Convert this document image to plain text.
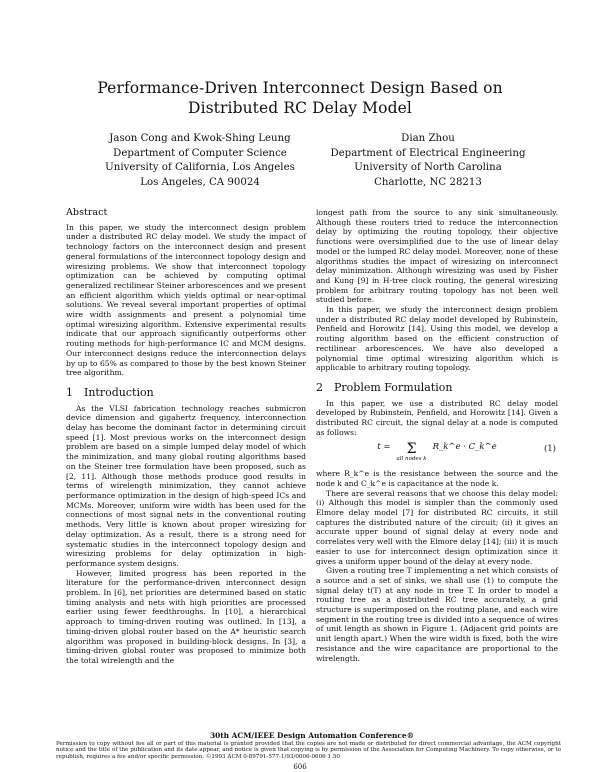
Performance-Driven Interconnect Design Based on
Distributed RC Delay Model
Jason Cong and Kwok-Shing Leung
Department of Computer Science
University of California, Los Angeles
Los Angeles, CA 90024
Dian Zhou
Department of Electrical Engineering
University of North Carolina
Charlotte, NC 28213
Abstract

In this paper, we study the interconnect design problem under a distributed RC delay model. We study the impact of technology factors on the interconnect design and present general formulations of the interconnect topology design and wiresizing problems. We show that interconnect topology optimization can be achieved by computing optimal generalized rectilinear Steiner arborescences and we present an efficient algorithm which yields optimal or near-optimal solutions. We reveal several important properties of optimal wire width assignments and present a polynomial time optimal wiresizing algorithm. Extensive experimental results indicate that our approach significantly outperforms other routing methods for high-performance IC and MCM designs. Our interconnect designs reduce the interconnection delays by up to 65% as compared to those by the best known Steiner tree algorithm.

1 Introduction

As the VLSI fabrication technology reaches submicron device dimension and gigahertz frequency, interconnection delay has become the dominant factor in determining circuit speed [1]. Most previous works on the interconnect design problem are based on a simple lumped delay model of which the minimization, and many global routing algorithms based on the Steiner tree formulation have been proposed, such as [2, 11]. Although those methods produce good results in terms of wirelength minimization, they cannot achieve performance optimization in the design of high-speed ICs and MCMs. Moreover, uniform wire width has been used for the connections of most signal nets in the conventional routing methods. Very little is known about proper wiresizing for delay optimization. As a result, there is a strong need for systematic studies in the interconnect topology design and wiresizing problems for delay optimization in high-performance system designs.

However, limited progress has been reported in the literature for the performance-driven interconnect design problem. In [6], net priorities are determined based on static timing analysis and nets with high priorities are processed earlier using fewer feedthroughs. In [10], a hierarchical approach to timing-driven routing was outlined. In [13], a timing-driven global router based on the A* heuristic search algorithm was proposed in building-block designs. In [3], a timing-driven global router was proposed to minimize both the total wirelength and the

longest path from the source to any sink simultaneously. Although these routers tried to reduce the interconnection delay by optimizing the routing topology, their objective functions were oversimplified due to the use of linear delay model or the lumped RC delay model. Moreover, none of these algorithms studies the impact of wiresizing on interconnect delay minimization. Although wiresizing was used by Fisher and Kung [9] in H-tree clock routing, the general wiresizing problem for arbitrary routing topology has not been well studied before.

In this paper, we study the interconnect design problem under a distributed RC delay model developed by Rubinstein, Penfield and Horowitz [14]. Using this model, we develop a routing algorithm based on the efficient construction of rectilinear arborescences. We have also developed a polynomial time optimal wiresizing algorithm which is applicable to arbitrary routing topology.

2 Problem Formulation

In this paper, we use a distributed RC delay model developed by Rubinstein, Penfield, and Horowitz [14]. Given a distributed RC circuit, the signal delay at a node is computed as follows:

t = Σ
all nodes k
R_k^e · C_k^e	(1)

where R_k^e is the resistance between the source and the node k and C_k^e is capacitance at the node k.

There are several reasons that we choose this delay model: (i) Although this model is simpler than the commonly used Elmore delay model [7] for distributed RC circuits, it still captures the distributed nature of the circuit; (ii) it gives an accurate upper bound of signal delay at every node and correlates very well with the Elmore delay [14]; (iii) it is much easier to use for interconnect design optimization since it gives a uniform upper bound of the delay at every node.

Given a routing tree T implementing a net which consists of a source and a set of sinks, we shall use (1) to compute the signal delay t(T) at any node in tree T. In order to model a routing tree as a distributed RC tree accurately, a grid structure is superimposed on the routing plane, and each wire segment in the routing tree is divided into a sequence of wires of unit length as shown in Figure 1. (Adjacent grid points are unit length apart.) When the wire width is fixed, both the wire resistance and the wire capacitance are proportional to the wirelength.

30th ACM/IEEE Design Automation Conference®
Permission to copy without fee all or part of this material is granted provided that the copies are not made or distributed for direct commercial advantage, the ACM copyright notice and the title of the publication and its date appear, and notice is given that copying is by permission of the Association for Computing Machinery. To copy otherwise, or to republish, requires a fee and/or specific permission. ©1993 ACM 0-89791-577-1/93/0006-0606 1.50
606
